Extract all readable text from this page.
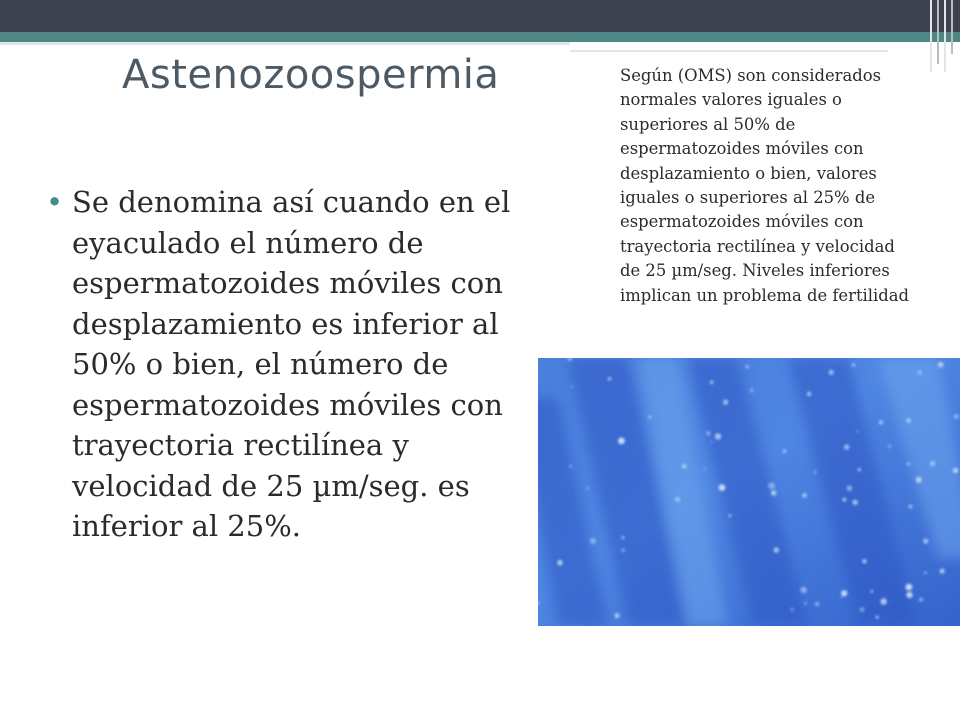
Astenozoospermia
• Se denomina así cuando en el eyaculado el número de espermatozoides móviles con desplazamiento es inferior al 50% o bien, el número de espermatozoides móviles con trayectoria rectilínea y velocidad de 25 µm/seg. es inferior al 25%.
Según (OMS) son considerados normales valores iguales o superiores al 50% de espermatozoides móviles con desplazamiento o bien, valores iguales o superiores al 25% de espermatozoides móviles con trayectoria rectilínea y velocidad de 25 µm/seg. Niveles inferiores implican un problema de fertilidad
